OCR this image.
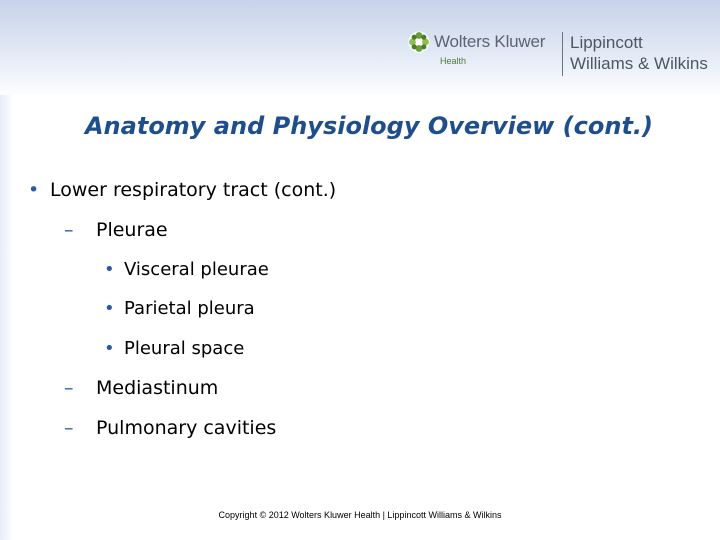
Wolters Kluwer
Health
Lippincott
Williams & Wilkins
Anatomy and Physiology Overview (cont.)
• Lower respiratory tract (cont.)
– Pleurae
• Visceral pleurae
• Parietal pleura
• Pleural space
– Mediastinum
– Pulmonary cavities
Copyright © 2012 Wolters Kluwer Health | Lippincott Williams & Wilkins
